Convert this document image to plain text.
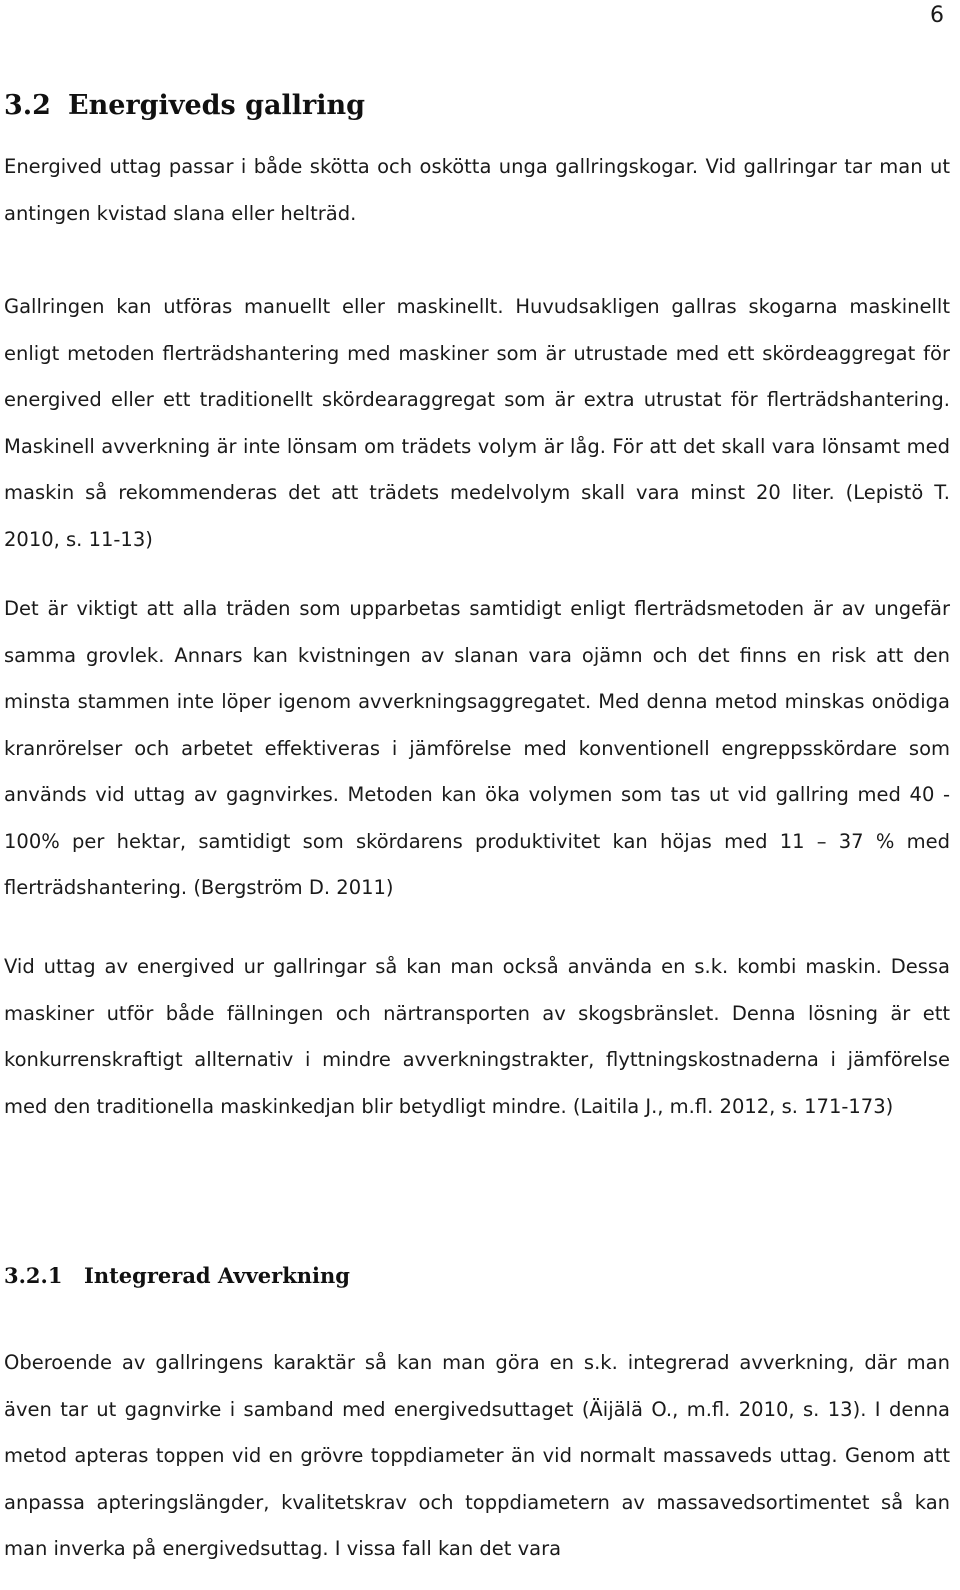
6
3.2 Energiveds gallring

Energived uttag passar i både skötta och oskötta unga gallringskogar. Vid gallringar tar man ut antingen kvistad slana eller helträd.

Gallringen kan utföras manuellt eller maskinellt. Huvudsakligen gallras skogarna maskinellt enligt metoden flerträdshantering med maskiner som är utrustade med ett skördeaggregat för energived eller ett traditionellt skördearaggregat som är extra utrustat för flerträdshantering. Maskinell avverkning är inte lönsam om trädets volym är låg. För att det skall vara lönsamt med maskin så rekommenderas det att trädets medelvolym skall vara minst 20 liter. (Lepistö T. 2010, s. 11-13)

Det är viktigt att alla träden som upparbetas samtidigt enligt flerträdsmetoden är av ungefär samma grovlek. Annars kan kvistningen av slanan vara ojämn och det finns en risk att den minsta stammen inte löper igenom avverkningsaggregatet. Med denna metod minskas onödiga kranrörelser och arbetet effektiveras i jämförelse med konventionell engreppsskördare som används vid uttag av gagnvirkes. Metoden kan öka volymen som tas ut vid gallring med 40 - 100% per hektar, samtidigt som skördarens produktivitet kan höjas med 11 – 37 % med flerträdshantering. (Bergström D. 2011)

Vid uttag av energived ur gallringar så kan man också använda en s.k. kombi maskin. Dessa maskiner utför både fällningen och närtransporten av skogsbränslet. Denna lösning är ett konkurrenskraftigt allternativ i mindre avverkningstrakter, flyttningskostnaderna i jämförelse med den traditionella maskinkedjan blir betydligt mindre. (Laitila J., m.fl. 2012, s. 171-173)

3.2.1 Integrerad Avverkning

Oberoende av gallringens karaktär så kan man göra en s.k. integrerad avverkning, där man även tar ut gagnvirke i samband med energivedsuttaget (Äijälä O., m.fl. 2010, s. 13). I denna metod apteras toppen vid en grövre toppdiameter än vid normalt massaveds uttag. Genom att anpassa apteringslängder, kvalitetskrav och toppdiametern av massavedsortimentet så kan man inverka på energivedsuttag. I vissa fall kan det vara
